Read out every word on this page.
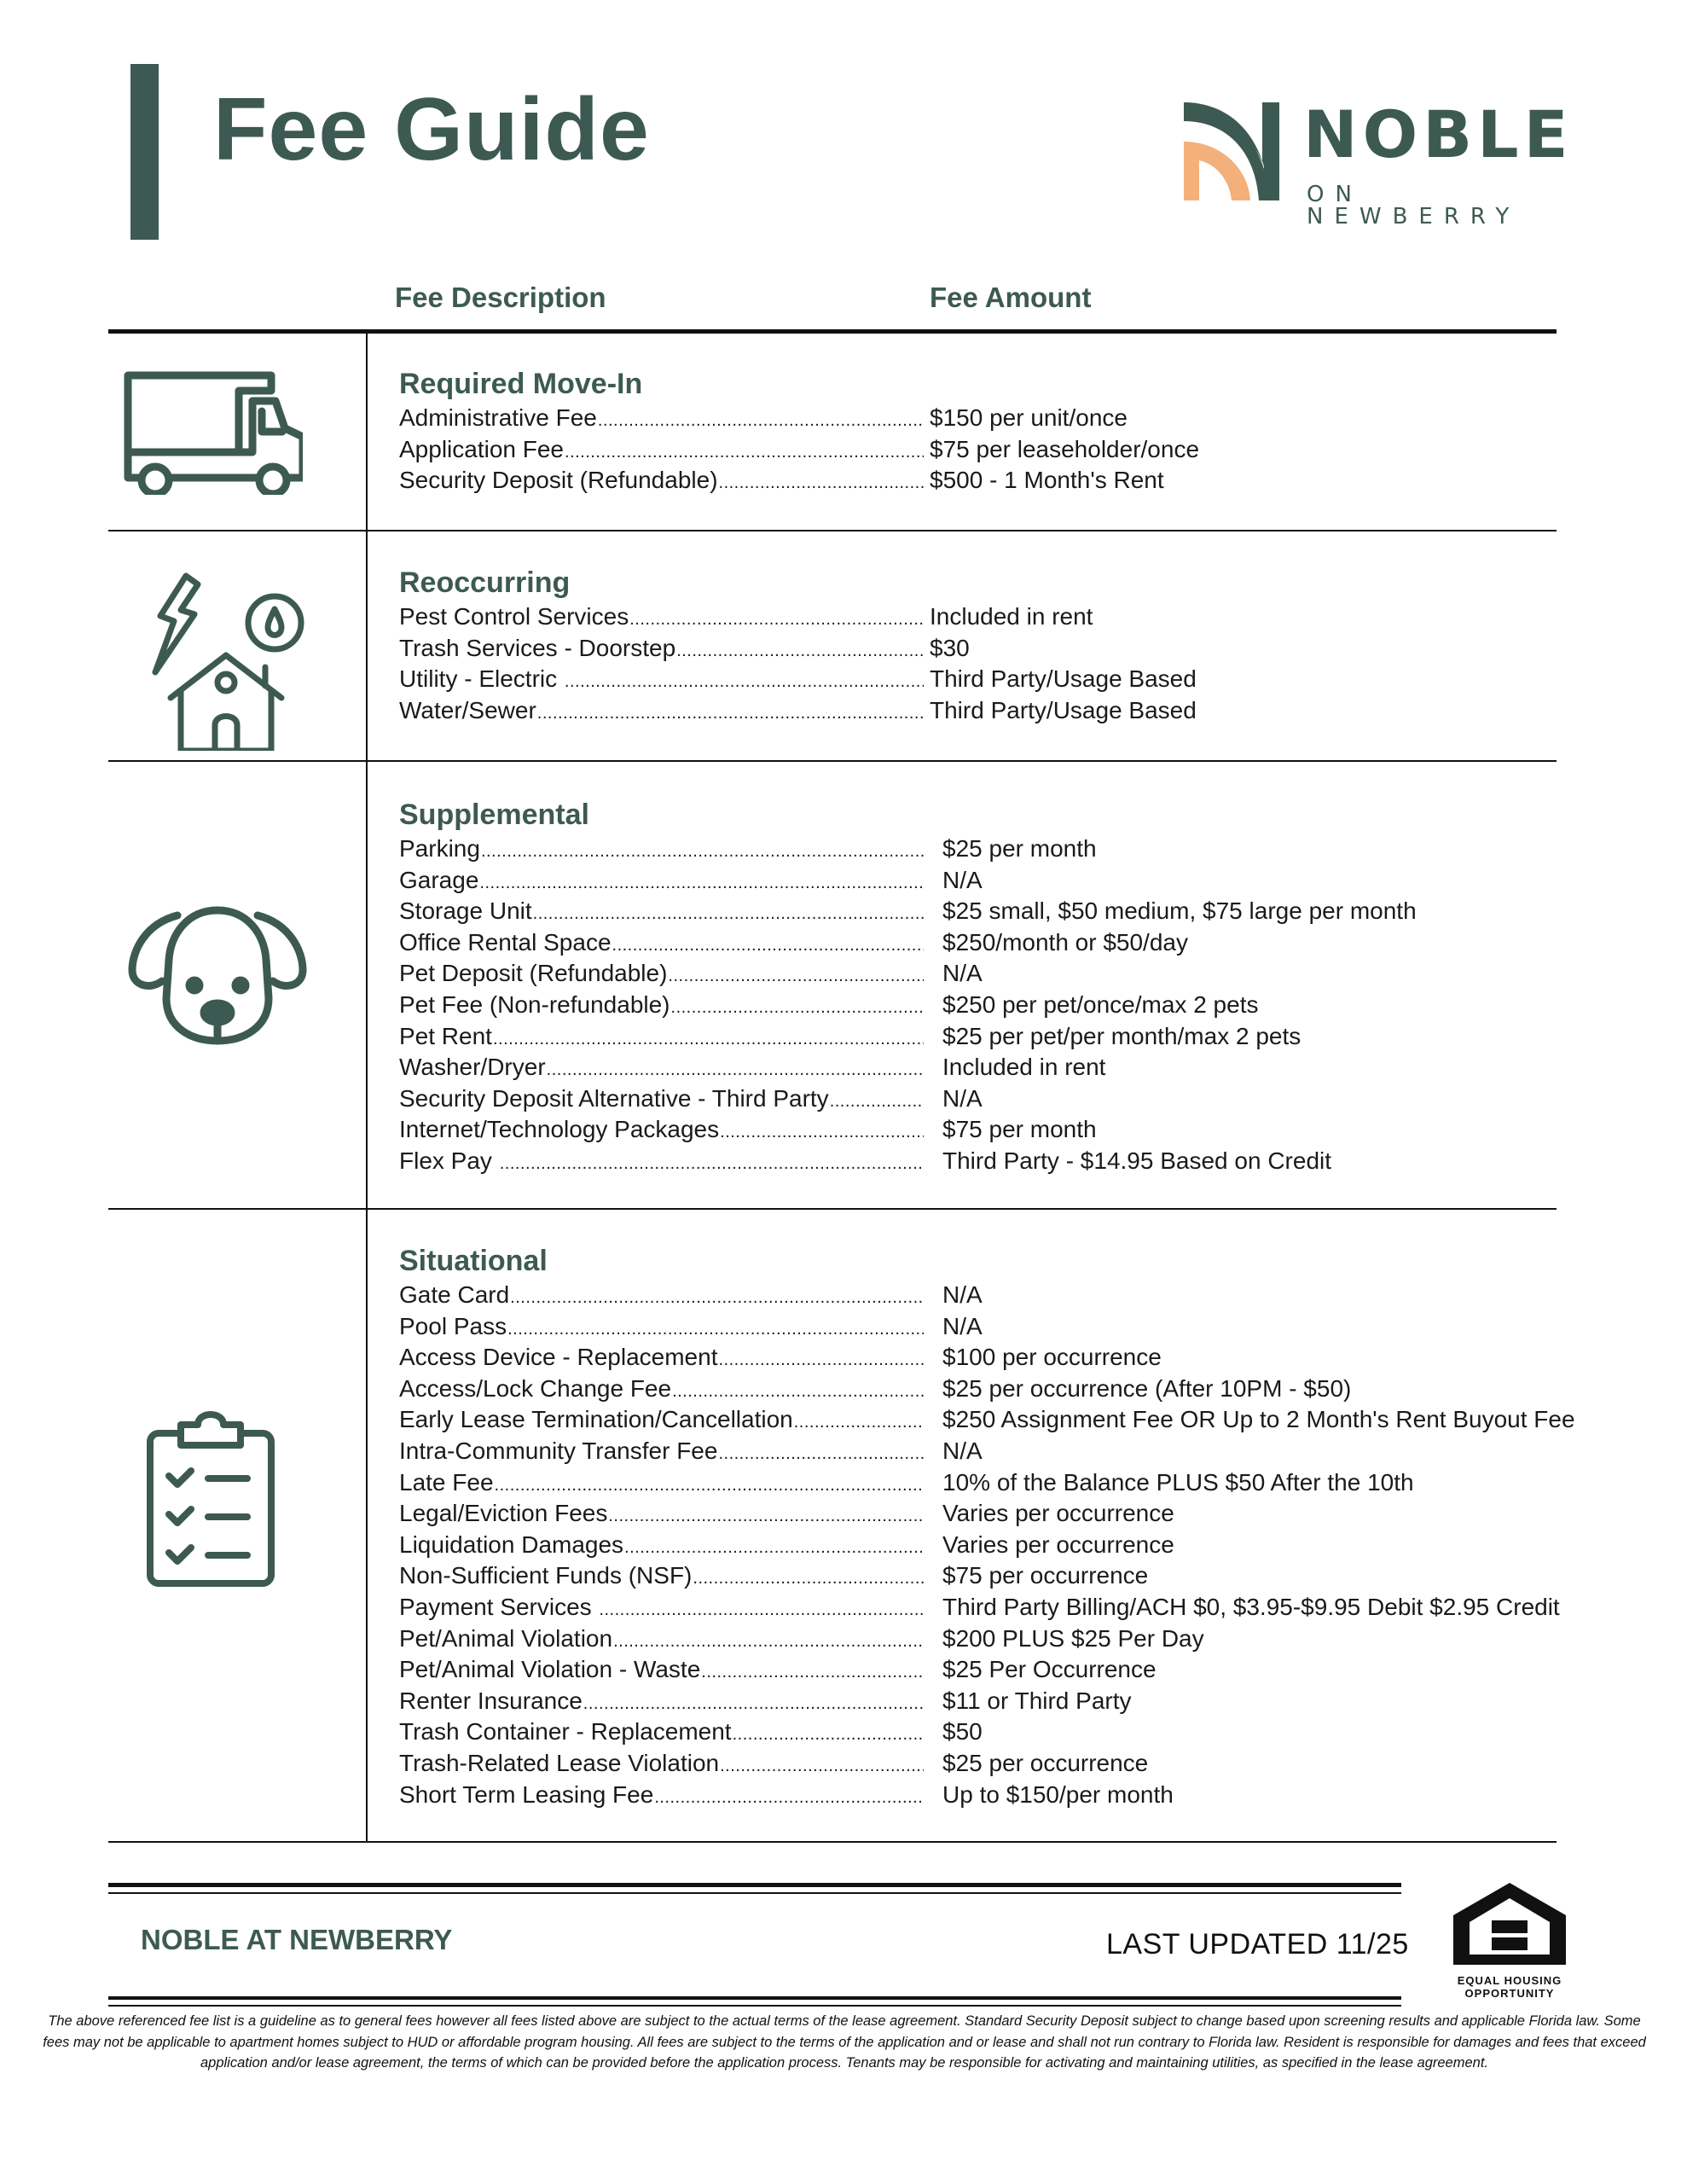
Fee Guide	NOBLE
ON NEWBERRY
Fee Description	Fee Amount
Required Move-In
Administrative Fee .....	$150 per unit/once
Application Fee .....	$75 per leaseholder/once
Security Deposit (Refundable) .....	$500 - 1 Month's Rent
Reoccurring
Pest Control Services .....	Included in rent
Trash Services - Doorstep .....	$30
Utility - Electric .....	Third Party/Usage Based
Water/Sewer .....	Third Party/Usage Based
Supplemental
Parking .....	$25 per month
Garage .....	N/A
Storage Unit .....	$25 small, $50 medium, $75 large per month
Office Rental Space .....	$250/month or $50/day
Pet Deposit (Refundable) .....	N/A
Pet Fee (Non-refundable) .....	$250 per pet/once/max 2 pets
Pet Rent .....	$25 per pet/per month/max 2 pets
Washer/Dryer .....	Included in rent
Security Deposit Alternative - Third Party .....	N/A
Internet/Technology Packages .....	$75 per month
Flex Pay .....	Third Party - $14.95 Based on Credit
Situational
Gate Card .....	N/A
Pool Pass .....	N/A
Access Device - Replacement .....	$100 per occurrence
Access/Lock Change Fee .....	$25 per occurrence (After 10PM - $50)
Early Lease Termination/Cancellation .....	$250 Assignment Fee OR Up to 2 Month's Rent Buyout Fee
Intra-Community Transfer Fee .....	N/A
Late Fee .....	10% of the Balance PLUS $50 After the 10th
Legal/Eviction Fees .....	Varies per occurrence
Liquidation Damages .....	Varies per occurrence
Non-Sufficient Funds (NSF) .....	$75 per occurrence
Payment Services .....	Third Party Billing/ACH $0, $3.95-$9.95 Debit $2.95 Credit
Pet/Animal Violation .....	$200 PLUS $25 Per Day
Pet/Animal Violation - Waste .....	$25 Per Occurrence
Renter Insurance .....	$11 or Third Party
Trash Container - Replacement .....	$50
Trash-Related Lease Violation .....	$25 per occurrence
Short Term Leasing Fee .....	Up to $150/per month
NOBLE AT NEWBERRY	LAST UPDATED 11/25
EQUAL HOUSING
OPPORTUNITY
The above referenced fee list is a guideline as to general fees however all fees listed above are subject to the actual terms of the lease agreement. Standard Security Deposit subject to change based upon screening results and applicable Florida law. Some fees may not be applicable to apartment homes subject to HUD or affordable program housing. All fees are subject to the terms of the application and or lease and shall not run contrary to Florida law. Resident is responsible for damages and fees that exceed application and/or lease agreement, the terms of which can be provided before the application process. Tenants may be responsible for activating and maintaining utilities, as specified in the lease agreement.
